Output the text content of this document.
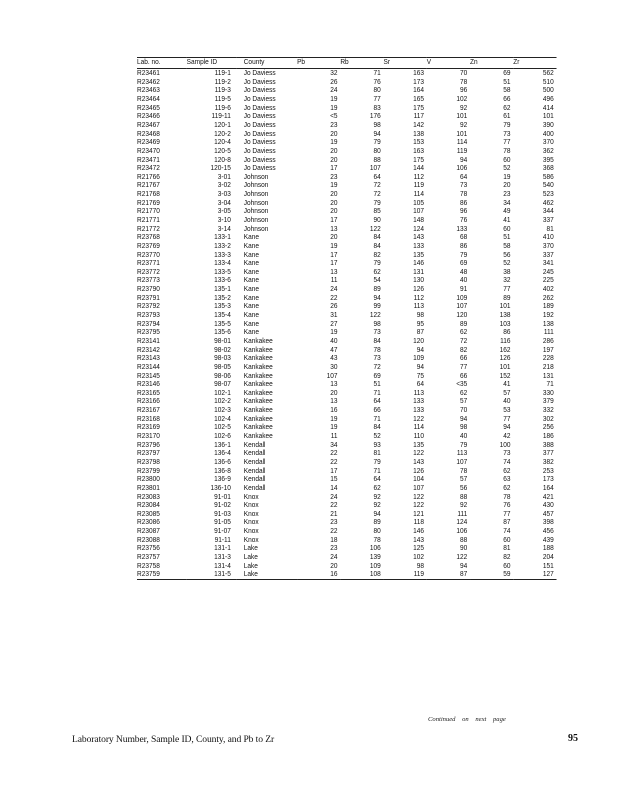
Lab. no.	Sample ID	County	Pb	Rb	Sr	V	Zn	Zr
R23461	119-1	Jo Daviess	32	71	163	70	69	562
R23462	119-2	Jo Daviess	26	76	173	78	51	510
R23463	119-3	Jo Daviess	24	80	164	96	58	500
R23464	119-5	Jo Daviess	19	77	165	102	66	496
R23465	119-6	Jo Daviess	19	83	175	92	62	414
R23466	119-11	Jo Daviess	<5	176	117	101	61	101
R23467	120-1	Jo Daviess	23	98	142	92	79	390
R23468	120-2	Jo Daviess	20	94	138	101	73	400
R23469	120-4	Jo Daviess	19	79	153	114	77	370
R23470	120-5	Jo Daviess	20	80	163	119	78	362
R23471	120-8	Jo Daviess	20	88	175	94	60	395
R23472	120-15	Jo Daviess	17	107	144	106	52	368
R21766	3-01	Johnson	23	64	112	64	19	586
R21767	3-02	Johnson	19	72	119	73	20	540
R21768	3-03	Johnson	20	72	114	78	23	523
R21769	3-04	Johnson	20	79	105	86	34	462
R21770	3-05	Johnson	20	85	107	96	49	344
R21771	3-10	Johnson	17	90	148	76	41	337
R21772	3-14	Johnson	13	122	124	133	60	81
R23768	133-1	Kane	20	84	143	68	51	410
R23769	133-2	Kane	19	84	133	86	58	370
R23770	133-3	Kane	17	82	135	79	56	337
R23771	133-4	Kane	17	79	146	69	52	341
R23772	133-5	Kane	13	62	131	48	38	245
R23773	133-6	Kane	11	54	130	40	32	225
R23790	135-1	Kane	24	89	126	91	77	402
R23791	135-2	Kane	22	94	112	109	89	262
R23792	135-3	Kane	26	99	113	107	101	189
R23793	135-4	Kane	31	122	98	120	138	192
R23794	135-5	Kane	27	98	95	89	103	138
R23795	135-6	Kane	19	73	87	62	86	111
R23141	98-01	Kankakee	40	84	120	72	116	286
R23142	98-02	Kankakee	47	78	94	82	162	197
R23143	98-03	Kankakee	43	73	109	66	126	228
R23144	98-05	Kankakee	30	72	94	77	101	218
R23145	98-06	Kankakee	107	69	75	66	152	131
R23146	98-07	Kankakee	13	51	64	<35	41	71
R23165	102-1	Kankakee	20	71	113	62	57	330
R23166	102-2	Kankakee	13	64	133	57	40	379
R23167	102-3	Kankakee	16	66	133	70	53	332
R23168	102-4	Kankakee	19	71	122	94	77	302
R23169	102-5	Kankakee	19	84	114	98	94	256
R23170	102-6	Kankakee	11	52	110	40	42	186
R23796	136-1	Kendall	34	93	135	79	100	388
R23797	136-4	Kendall	22	81	122	113	73	377
R23798	136-6	Kendall	22	79	143	107	74	382
R23799	136-8	Kendall	17	71	126	78	62	253
R23800	136-9	Kendall	15	64	104	57	63	173
R23801	136-10	Kendall	14	62	107	56	62	164
R23083	91-01	Knox	24	92	122	88	78	421
R23084	91-02	Knox	22	92	122	92	76	430
R23085	91-03	Knox	21	94	121	111	77	457
R23086	91-05	Knox	23	89	118	124	87	398
R23087	91-07	Knox	22	80	146	106	74	456
R23088	91-11	Knox	18	78	143	88	60	439
R23756	131-1	Lake	23	106	125	90	81	188
R23757	131-3	Lake	24	139	102	122	82	204
R23758	131-4	Lake	20	109	98	94	60	151
R23759	131-5	Lake	16	108	119	87	59	127
Continued on next page
Laboratory Number, Sample ID, County, and Pb to Zr	95
